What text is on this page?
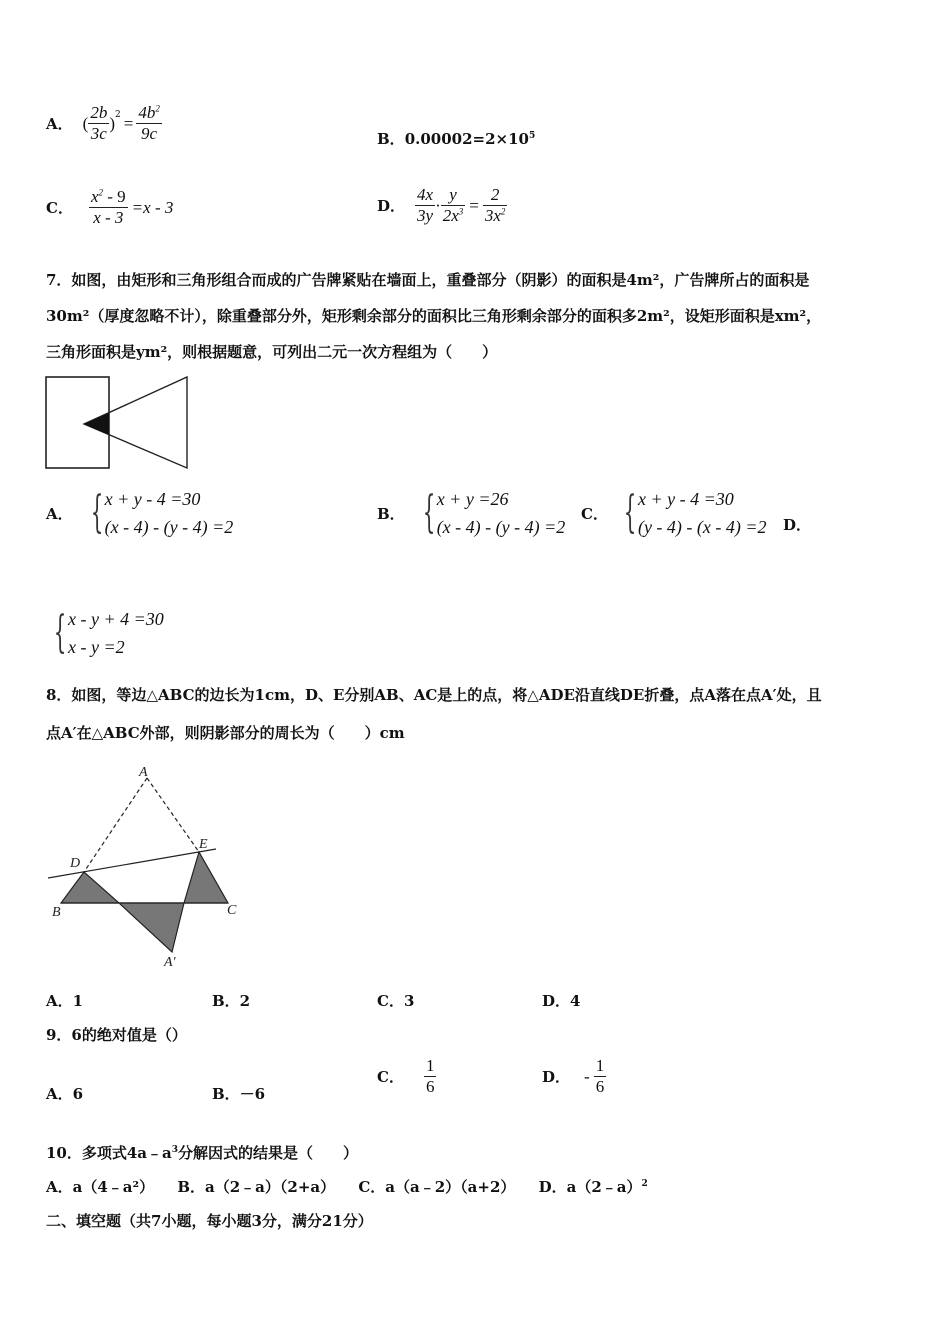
A． ( $\frac{2b}{3c} )^2 = \frac{4b^2}{9c}$	B．$0.00002=2\times 10^5$
C． $\frac{x^2 - 9}{x - 3} =x - 3$	D． $\frac{4x}{3y} \cdot \frac{y}{2x^3} = \frac{2}{3x^2}$
7．如图，由矩形和三角形组合而成的广告牌紧贴在墙面上，重叠部分（阴影）的面积是4m²，广告牌所占的面积是
30m²（厚度忽略不计），除重叠部分外，矩形剩余部分的面积比三角形剩余部分的面积多2m²，设矩形面积是xm²，
三角形面积是ym²，则根据题意，可列出二元一次方程组为（　　）
A． { x + y - 4 =30
(x - 4) - (y - 4) =2
B． { x + y =26
(x - 4) - (y - 4) =2
C． { x + y - 4 =30
(y - 4) - (x - 4) =2 D．
{ x - y + 4 =30
x - y =2
8．如图，等边△ABC的边长为1cm，D、E分别AB、AC是上的点，将△ADE沿直线DE折叠，点A落在点A′处，且
点A′在△ABC外部，则阴影部分的周长为（　　）cm
A
D
E
B	C
A′
A．1	B．2	C．3	D．4
9．6的绝对值是（）
A．6	B．－6
C． $\frac{1}{6}$	D． - $\frac{1}{6}$
10．多项式$4a﹣a^3$分解因式的结果是（　　）
A．a（4﹣a²） B．a（2﹣a）（2+a） C．a（a﹣2）（a+2） D．a（2﹣a）$^2$
二、填空题（共7小题，每小题3分，满分21分）
